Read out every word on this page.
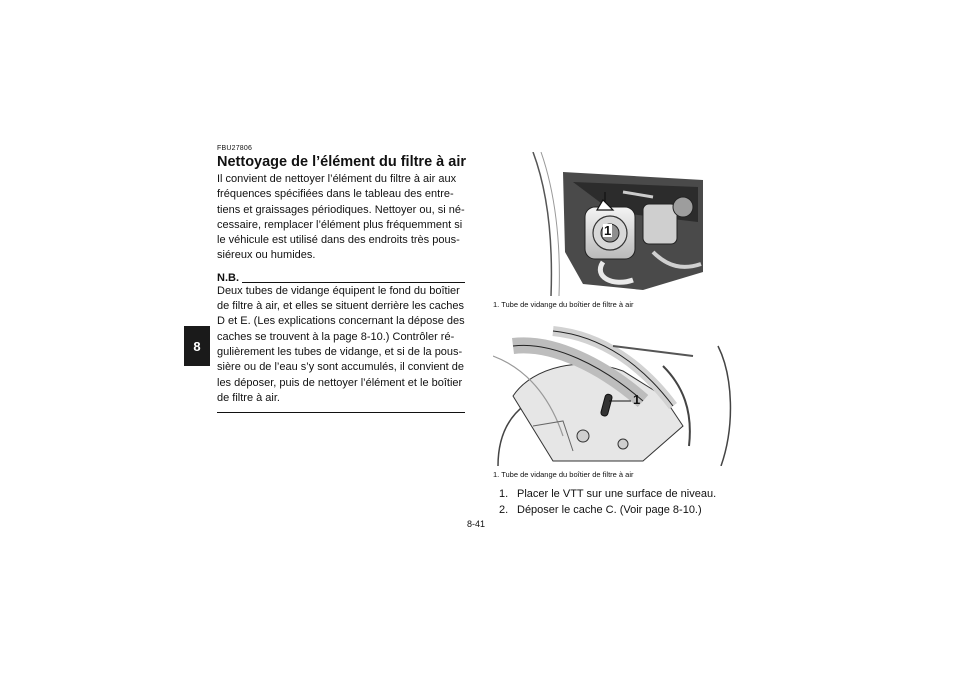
8
FBU27806
Nettoyage de l’élément du filtre à air
Il convient de nettoyer l’élément du filtre à air aux
fréquences spécifiées dans le tableau des entre-
tiens et graissages périodiques. Nettoyer ou, si né-
cessaire, remplacer l’élément plus fréquemment si
le véhicule est utilisé dans des endroits très pous-
siéreux ou humides.
N.B.
Deux tubes de vidange équipent le fond du boîtier
de filtre à air, et elles se situent derrière les caches
D et E. (Les explications concernant la dépose des
caches se trouvent à la page 8-10.) Contrôler ré-
gulièrement les tubes de vidange, et si de la pous-
sière ou de l’eau s’y sont accumulés, il convient de
les déposer, puis de nettoyer l’élément et le boîtier
de filtre à air.
1
1. Tube de vidange du boîtier de filtre à air
1
1. Tube de vidange du boîtier de filtre à air
1. Placer le VTT sur une surface de niveau.
2. Déposer le cache C. (Voir page 8-10.)
8-41
